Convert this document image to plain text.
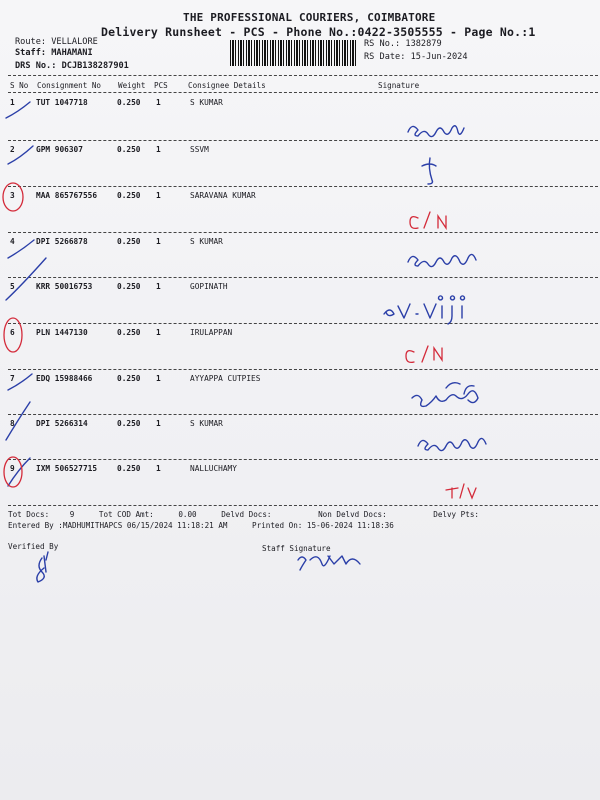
THE PROFESSIONAL COURIERS, COIMBATORE
Delivery Runsheet - PCS - Phone No.:0422-3505555 - Page No.:1
Route: VELLALORE
Staff: MAHAMANI
DRS No.: DCJB138287901
RS No.: 1382879
RS Date: 15-Jun-2024
S No Consignment No Weight PCS	Consignee Details	Signature
1	TUT 1047718	0.250 1	S KUMAR
2	GPM 906307	0.250 1	SSVM
3	MAA 865767556	0.250 1	SARAVANA KUMAR
4	DPI 5266878	0.250 1	S KUMAR
5	KRR 50016753	0.250 1	GOPINATH
6	PLN 1447130	0.250 1	IRULAPPAN
7	EDQ 15988466	0.250 1	AYYAPPA CUTPIES
8	DPI 5266314	0.250 1	S KUMAR
9	IXM 506527715	0.250 1	NALLUCHAMY
Tot Docs:	9	Tot COD Amt:	0.00	Delvd Docs:	Non Delvd Docs:	Delvy Pts:
Entered By :MADHUMITHAPCS 06/15/2024 11:18:21 AM	Printed On: 15-06-2024 11:18:36
Verified By	Staff Signature
